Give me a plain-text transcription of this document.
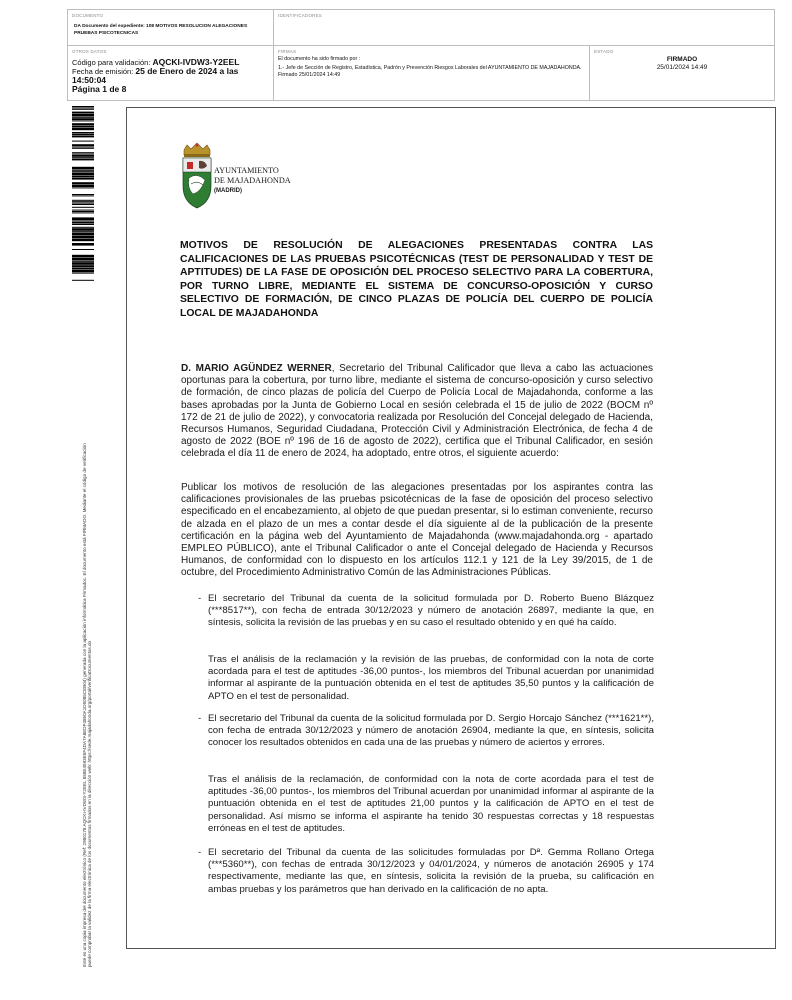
DOCUMENTO
DA Documento del expediente: 108 MOTIVOS RESOLUCION ALEGACIONES PRUEBAS PSICOTECNICAS
IDENTIFICADORES
OTROS DATOS
Código para validación: AQCKI-IVDW3-Y2EEL
Fecha de emisión: 25 de Enero de 2024 a las 14:50:04
Página 1 de 8
FIRMAS
El documento ha sido firmado por :
1.- Jefe de Sección de Registro, Estadística, Padrón y Prevención Riesgos Laborales del AYUNTAMIENTO DE MAJADAHONDA. Firmado 25/01/2024 14:49
ESTADO
FIRMADO
25/01/2024 14:49
Este es una copia impresa del documento electrónico (Ref: 2980178 AQCKI-IVDW3-Y2EEL 858E4593E5F4DA7A8EDF4850A1D5085CEB04) generada con la aplicación informática Firmadoc. El documento está FIRMADO. Mediante el código de verificación puede comprobar la validez de la firma electrónica de los documentos firmados en la dirección web: https://sede.majadahonda.org/portal/verificaDocumentos.do
AYUNTAMIENTO
DE MAJADAHONDA
(MADRID)
MOTIVOS DE RESOLUCIÓN DE ALEGACIONES PRESENTADAS CONTRA LAS CALIFICACIONES DE LAS PRUEBAS PSICOTÉCNICAS (TEST DE PERSONALIDAD Y TEST DE APTITUDES) DE LA FASE DE OPOSICIÓN DEL PROCESO SELECTIVO PARA LA COBERTURA, POR TURNO LIBRE, MEDIANTE EL SISTEMA DE CONCURSO-OPOSICIÓN Y CURSO SELECTIVO DE FORMACIÓN, DE CINCO PLAZAS DE POLICÍA DEL CUERPO DE POLICÍA LOCAL DE MAJADAHONDA
D. MARIO AGÜNDEZ WERNER, Secretario del Tribunal Calificador que lleva a cabo las actuaciones oportunas para la cobertura, por turno libre, mediante el sistema de concurso-oposición y curso selectivo de formación, de cinco plazas de policía del Cuerpo de Policía Local de Majadahonda, conforme a las bases aprobadas por la Junta de Gobierno Local en sesión celebrada el 15 de julio de 2022 (BOCM nº 172 de 21 de julio de 2022), y convocatoria realizada por Resolución del Concejal delegado de Hacienda, Recursos Humanos, Seguridad Ciudadana, Protección Civil y Administración Electrónica, de fecha 4 de agosto de 2022 (BOE nº 196 de 16 de agosto de 2022), certifica que el Tribunal Calificador, en sesión celebrada el día 11 de enero de 2024, ha adoptado, entre otros, el siguiente acuerdo:
Publicar los motivos de resolución de las alegaciones presentadas por los aspirantes contra las calificaciones provisionales de las pruebas psicotécnicas de la fase de oposición del proceso selectivo especificado en el encabezamiento, al objeto de que puedan presentar, si lo estiman conveniente, recurso de alzada en el plazo de un mes a contar desde el día siguiente al de la publicación de la presente certificación en la página web del Ayuntamiento de Majadahonda (www.majadahonda.org - apartado EMPLEO PÚBLICO), ante el Tribunal Calificador o ante el Concejal delegado de Hacienda y Recursos Humanos, de conformidad con lo dispuesto en los artículos 112.1 y 121 de la Ley 39/2015, de 1 de octubre, del Procedimiento Administrativo Común de las Administraciones Públicas.
- El secretario del Tribunal da cuenta de la solicitud formulada por D. Roberto Bueno Blázquez (***8517**), con fecha de entrada 30/12/2023 y número de anotación 26897, mediante la que, en síntesis, solicita la revisión de las pruebas y en su caso el resultado obtenido y en qué ha caído.
Tras el análisis de la reclamación y la revisión de las pruebas, de conformidad con la nota de corte acordada para el test de aptitudes -36,00 puntos-, los miembros del Tribunal acuerdan por unanimidad informar al aspirante de la puntuación obtenida en el test de aptitudes 35,50 puntos y la calificación de APTO en el test de personalidad.
- El secretario del Tribunal da cuenta de la solicitud formulada por D. Sergio Horcajo Sánchez (***1621**), con fecha de entrada 30/12/2023 y número de anotación 26904, mediante la que, en síntesis, solicita conocer los resultados obtenidos en cada una de las pruebas y número de aciertos y errores.
Tras el análisis de la reclamación, de conformidad con la nota de corte acordada para el test de aptitudes -36,00 puntos-, los miembros del Tribunal acuerdan por unanimidad informar al aspirante de la puntuación obtenida en el test de aptitudes 21,00 puntos y la calificación de APTO en el test de personalidad. Así mismo se informa el aspirante ha tenido 30 respuestas correctas y 18 respuestas erróneas en el test de aptitudes.
- El secretario del Tribunal da cuenta de las solicitudes formuladas por Dª. Gemma Rollano Ortega (***5360**), con fechas de entrada 30/12/2023 y 04/01/2024, y números de anotación 26905 y 174 respectivamente, mediante las que, en síntesis, solicita la revisión de la prueba, su calificación en ambas pruebas y los parámetros que han derivado en la calificación de no apta.
